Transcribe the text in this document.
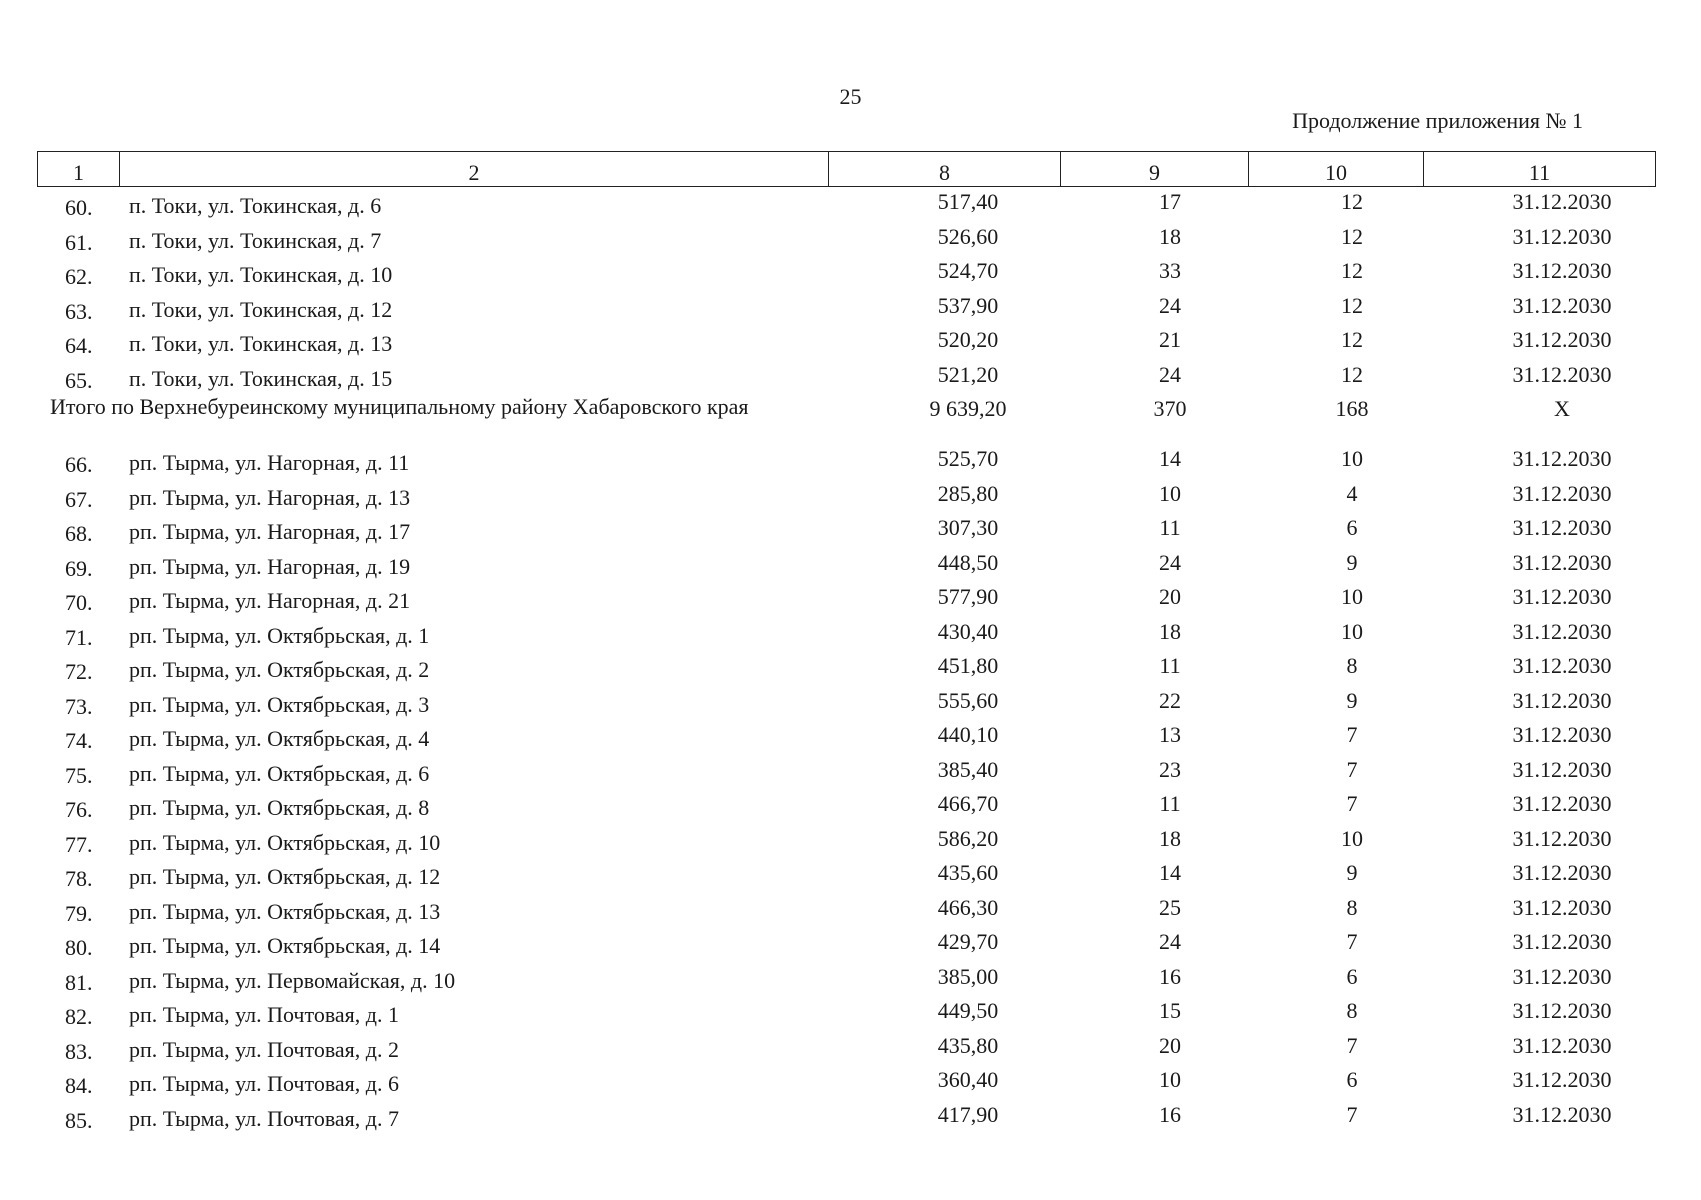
25
Продолжение приложения № 1
1	2	8	9	10	11
60. п. Токи, ул. Токинская, д. 6	517,40	17	12	31.12.2030
61. п. Токи, ул. Токинская, д. 7	526,60	18	12	31.12.2030
62. п. Токи, ул. Токинская, д. 10	524,70	33	12	31.12.2030
63. п. Токи, ул. Токинская, д. 12	537,90	24	12	31.12.2030
64. п. Токи, ул. Токинская, д. 13	520,20	21	12	31.12.2030
65. п. Токи, ул. Токинская, д. 15	521,20	24	12	31.12.2030
Итого по Верхнебуреинскому муниципальному району Хабаровского края	9 639,20	370	168	X
66. рп. Тырма, ул. Нагорная, д. 11	525,70	14	10	31.12.2030
67. рп. Тырма, ул. Нагорная, д. 13	285,80	10	4	31.12.2030
68. рп. Тырма, ул. Нагорная, д. 17	307,30	11	6	31.12.2030
69. рп. Тырма, ул. Нагорная, д. 19	448,50	24	9	31.12.2030
70. рп. Тырма, ул. Нагорная, д. 21	577,90	20	10	31.12.2030
71. рп. Тырма, ул. Октябрьская, д. 1	430,40	18	10	31.12.2030
72. рп. Тырма, ул. Октябрьская, д. 2	451,80	11	8	31.12.2030
73. рп. Тырма, ул. Октябрьская, д. 3	555,60	22	9	31.12.2030
74. рп. Тырма, ул. Октябрьская, д. 4	440,10	13	7	31.12.2030
75. рп. Тырма, ул. Октябрьская, д. 6	385,40	23	7	31.12.2030
76. рп. Тырма, ул. Октябрьская, д. 8	466,70	11	7	31.12.2030
77. рп. Тырма, ул. Октябрьская, д. 10	586,20	18	10	31.12.2030
78. рп. Тырма, ул. Октябрьская, д. 12	435,60	14	9	31.12.2030
79. рп. Тырма, ул. Октябрьская, д. 13	466,30	25	8	31.12.2030
80. рп. Тырма, ул. Октябрьская, д. 14	429,70	24	7	31.12.2030
81. рп. Тырма, ул. Первомайская, д. 10	385,00	16	6	31.12.2030
82. рп. Тырма, ул. Почтовая, д. 1	449,50	15	8	31.12.2030
83. рп. Тырма, ул. Почтовая, д. 2	435,80	20	7	31.12.2030
84. рп. Тырма, ул. Почтовая, д. 6	360,40	10	6	31.12.2030
85. рп. Тырма, ул. Почтовая, д. 7	417,90	16	7	31.12.2030
